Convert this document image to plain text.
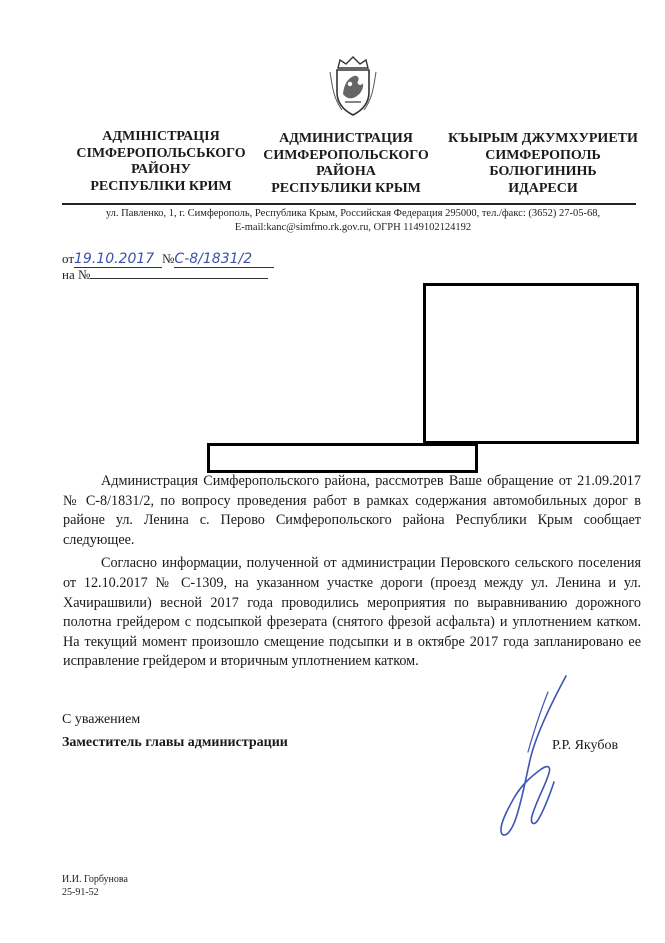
АДМІНІСТРАЦІЯ
СІМФЕРОПОЛЬСЬКОГО
РАЙОНУ
РЕСПУБЛІКИ КРИМ
АДМИНИСТРАЦИЯ
СИМФЕРОПОЛЬСКОГО
РАЙОНА
РЕСПУБЛИКИ КРЫМ
КЪЫРЫМ ДЖУМХУРИЕТИ
СИМФЕРОПОЛЬ
БОЛЮГИНИНЬ
ИДАРЕСИ
ул. Павленко, 1, г. Симферополь, Республика Крым, Российская Федерация 295000, тел./факс: (3652) 27-05-68,
E-mail:kanc@simfmo.rk.gov.ru, ОГРН 1149102124192
от19.10.2017 №С-8/1831/2
на №

Администрация Симферопольского района, рассмотрев Ваше обращение от 21.09.2017 № С-8/1831/2, по вопросу проведения работ в рамках содержания автомобильных дорог в районе ул. Ленина с. Перово Симферопольского района Республики Крым сообщает следующее.

Согласно информации, полученной от администрации Перовского сельского поселения от 12.10.2017 № С-1309, на указанном участке дороги (проезд между ул. Ленина и ул. Хачирашвили) весной 2017 года проводились мероприятия по выравниванию дорожного полотна грейдером с подсыпкой фрезерата (снятого фрезой асфальта) и уплотнением катком. На текущий момент произошло смещение подсыпки и в октябре 2017 года запланировано ее исправление грейдером и вторичным уплотнением катком.

С уважением
Заместитель главы администрации	Р.Р. Якубов
И.И. Горбунова
25-91-52
